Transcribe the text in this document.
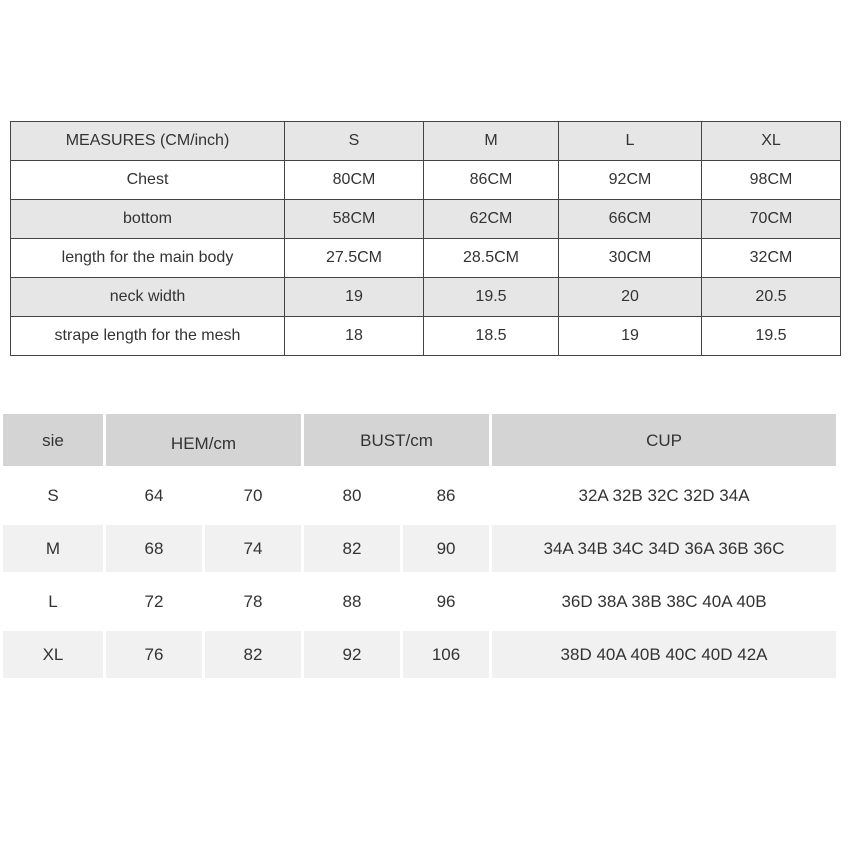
MEASURES (CM/inch)	S	M	L	XL
Chest	80CM	86CM	92CM	98CM
bottom	58CM	62CM	66CM	70CM
length for the main body	27.5CM	28.5CM	30CM	32CM
neck width	19	19.5	20	20.5
strape length for the mesh	18	18.5	19	19.5
sie	HEM/cm		BUST/cm		CUP

S	64	70	80	86	32A 32B 32C 32D 34A

M	68	74	82	90	34A 34B 34C 34D 36A 36B 36C

L	72	78	88	96	36D 38A 38B 38C 40A 40B

XL	76	82	92	106	38D 40A 40B 40C 40D 42A
